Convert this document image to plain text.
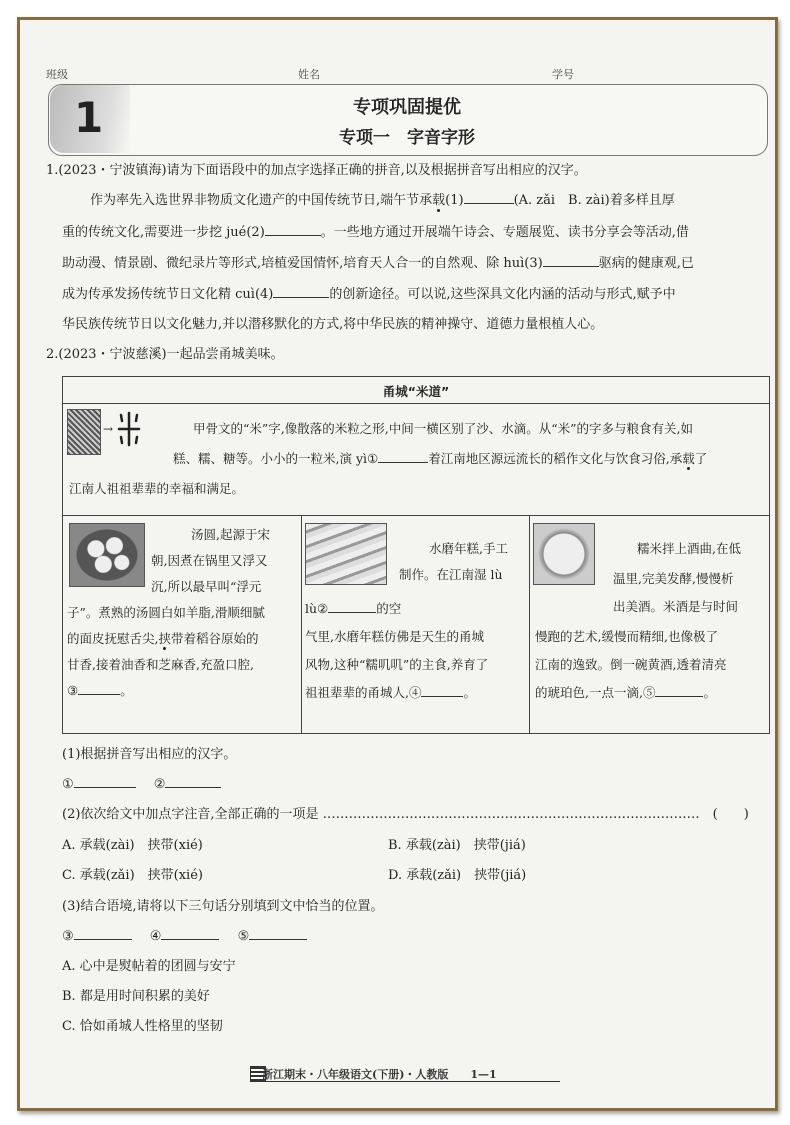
班级	姓名	学号
1	专项巩固提优
专项一　字音字形
1.(2023・宁波镇海)请为下面语段中的加点字选择正确的拼音,以及根据拼音写出相应的汉字。
作为率先入选世界非物质文化遗产的中国传统节日,端午节承载(1)	(A. zǎi　B. zài)着多样且厚
重的传统文化,需要进一步挖 jué(2)	。一些地方通过开展端午诗会、专题展览、读书分享会等活动,借
助动漫、情景剧、微纪录片等形式,培植爱国情怀,培育天人合一的自然观、除 huì(3)	驱病的健康观,已
成为传承发扬传统节日文化精 cuì(4)	的创新途径。可以说,这些深具文化内涵的活动与形式,赋予中
华民族传统节日以文化魅力,并以潜移默化的方式,将中华民族的精神操守、道德力量根植人心。
2.(2023・宁波慈溪)一起品尝甬城美味。
甬城“米道”
→	甲骨文的“米”字,像散落的米粒之形,中间一横区别了沙、水滴。从“米”的字多与粮食有关,如
糕、糯、糖等。小小的一粒米,演 yì①	着江南地区源远流长的稻作文化与饮食习俗,承载了
江南人祖祖辈辈的幸福和满足。
汤圆,起源于宋
朝,因煮在锅里又浮又
沉,所以最早叫“浮元
子”。煮熟的汤圆白如羊脂,滑顺细腻
的面皮抚慰舌尖,挟带着稻谷原始的
甘香,接着油香和芝麻香,充盈口腔,
③	。
水磨年糕,手工
制作。在江南湿 lù
lù②	的空
气里,水磨年糕仿佛是天生的甬城
风物,这种“糯叽叽”的主食,养育了
祖祖辈辈的甬城人,④	。
糯米拌上酒曲,在低
温里,完美发酵,慢慢析
出美酒。米酒是与时间
慢跑的艺术,缓慢而精细,也像极了
江南的逸致。倒一碗黄酒,透着清亮
的琥珀色,一点一滴,⑤	。
(1)根据拼音写出相应的汉字。
①	②
(2)依次给文中加点字注音,全部正确的一项是 ……………………………………………………………………………　(　　)
A. 承载(zài)　挟带(xié)	B. 承载(zài)　挟带(jiá)
C. 承载(zǎi)　挟带(xié)	D. 承载(zǎi)　挟带(jiá)
(3)结合语境,请将以下三句话分别填到文中恰当的位置。
③	④	⑤
A. 心中是熨帖着的团圆与安宁
B. 都是用时间积累的美好
C. 恰如甬城人性格里的坚韧
浙江期末・八年级语文(下册)・人教版　　1—1
